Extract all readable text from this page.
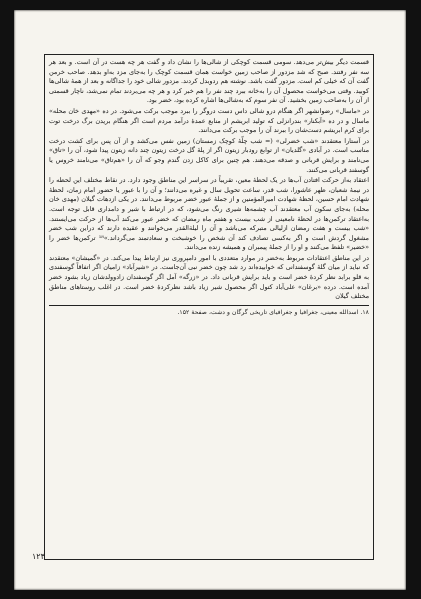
قسمت دیگر بیش‌تر می‌دهد. سومی قسمت کوچکی از شالی‌ها را نشان داد و گفت هر چه هست در آن است. و بعد هر سه نفر رفتند. صبح که شد مزدور از صاحب زمین خواست همان قسمت کوچک را به‌جای مزد به‌او بدهد. صاحب خرمن گفت آن که خیلی کم است. مزدور گفت باشد. نوشته هم رد‌وبدل کردند. مزدور شالی خود را جداگانه و بعد از همهٔ شالی‌ها کوبید. وقتی می‌خواست محصول آن را به‌خانه ببرد چند نفر را هم خبر کرد و هر چه می‌بردند تمام نمی‌شد، ناچار قسمتی از آن را به‌صاحب زمین بخشید. آن نفر سوم که به‌شالی‌ها اشاره کرده بود، خضر بود.

در «ماسال» رضوانشهر اگر هنگام درو شالی داس دست درو‌گر را ببرد موجب برکت می‌شود. در ده «مهدی خان محله» ماسال و در ده «آبکنار» بندرانزلی که تولید ابریشم از منابع عمدهٔ درآمد مردم است اگر هنگام بریدن برگ درخت توت برای کرم ابریشم دست‌شان را ببرند آن را موجب برکت می‌دانند.

در آستارا معتقدند «شب خضرلی» (= شب چلّهٔ کوچک زمستان) زمین نفس می‌کشد و از آن پس برای کشت درخت مناسب است. در آبادی «گلدیان» از توابع رودبار زیتون اگر از پلهٔ گل درخت زیتون چند دانه زیتون پیدا شود، آن را «تاق» می‌نامند و برایش قربانی و صدقه می‌دهند. هم چنین برای کاکل زدن گندم وجو که آن را «هم‌تاق» می‌نامند خروس یا گوسفند قربانی می‌کنند.

اعتقاد به‌از حرکت افتادن آب‌ها در یک لحظهٔ معین، تقریباً در سراسر این مناطق وجود دارد. در نقاط مختلف این لحظه را در نیمهٔ شعبان، ظهر عاشورا، شب قدر، ساعت تحویل سال و غیره می‌دانند؛ و آن را با عبور یا حضور امام زمان، لحظهٔ شهادت امام حسین، لحظهٔ شهادت امیرالمؤمنین و از جملهٔ عبور خضر مربوط می‌دانند. در یکی ازدهات گیلان (مهدی خان محله) به‌جای سکون آب معتقدند آب چشمه‌ها شیری رنگ می‌شود، که در ارتباط با شیر و دامداری قابل توجه است. به‌اعتقاد ترکمن‌ها در لحظهٔ نامعینی از شب بیست و هفتم ماه رمضان که خضر عبور می‌کند آب‌ها از حرکت می‌ایستند. «شب بیست و هفت رمضان ازلیالی متبرکه می‌باشد و آن را لیلة‌القدر می‌خوانند و عقیده دارند که دراین شب خضر مشغول گردش است و اگر به‌کسی تصادف کند آن شخص را خوشبخت و سعادتمند می‌گرداند.»¹⁸ ترکمن‌ها خضر را «خضیر» تلفظ می‌کنند و او را از جملهٔ پیمبران و همیشه زنده می‌دانند.

در این مناطق اعتقادات مربوط به‌خضر در موارد متعددی با امور دامپروری نیز ارتباط پیدا می‌کند. در «گمیشان» معتقدند که نباید از میان گلهٔ گوسفندانی که خوابیده‌اند رد شد چون خضر نبی آن‌جاست. در «شیرآباد» زامیان اگر اتفاقاً گوسفندی به‌ قلو برابد نظر کردهٔ خضر است و باید برایش قربانی داد. در «زرگه» آمل اگر گوسفندان زادوولدشان زیاد بشود خضر آمده است. درده «برغان» علی‌آباد کتول اگر محصول شیر زیاد باشد نظرکردهٔ خضر است. در اغلب روستاهای مناطق مختلف گیلان

۱۸. اسدالله معینی، جغرافیا و جغرافیای تاریخی گرگان و دشت، صفحهٔ ۱۵۲.

۱۲۴
